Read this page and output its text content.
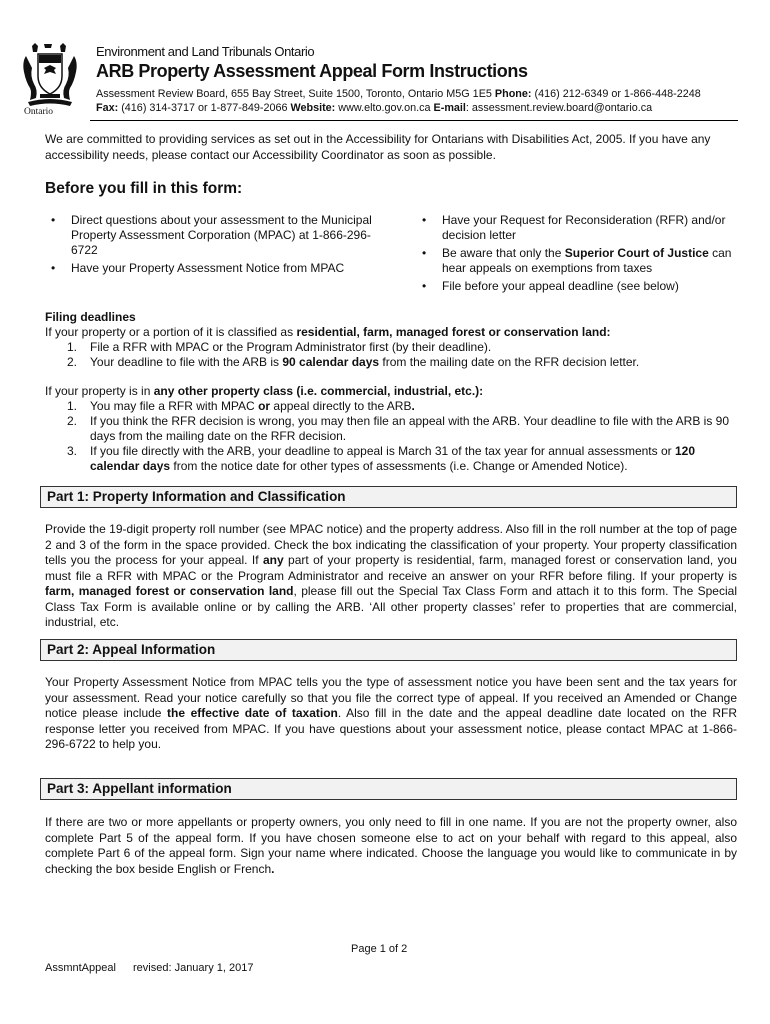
Ontario
Environment and Land Tribunals Ontario
ARB Property Assessment Appeal Form Instructions
Assessment Review Board, 655 Bay Street, Suite 1500, Toronto, Ontario M5G 1E5 Phone: (416) 212-6349 or 1-866-448-2248
Fax: (416) 314-3717 or 1-877-849-2066 Website: www.elto.gov.on.ca E-mail: assessment.review.board@ontario.ca
We are committed to providing services as set out in the Accessibility for Ontarians with Disabilities Act, 2005. If you have any accessibility needs, please contact our Accessibility Coordinator as soon as possible.
Before you fill in this form:
• Direct questions about your assessment to the Municipal Property Assessment Corporation (MPAC) at 1-866-296-6722
• Have your Property Assessment Notice from MPAC
• Have your Request for Reconsideration (RFR) and/or decision letter
• Be aware that only the Superior Court of Justice can hear appeals on exemptions from taxes
• File before your appeal deadline (see below)

Filing deadlines

If your property or a portion of it is classified as residential, farm, managed forest or conservation land:

1. File a RFR with MPAC or the Program Administrator first (by their deadline).
2. Your deadline to file with the ARB is 90 calendar days from the mailing date on the RFR decision letter.

If your property is in any other property class (i.e. commercial, industrial, etc.):

1. You may file a RFR with MPAC or appeal directly to the ARB.
2. If you think the RFR decision is wrong, you may then file an appeal with the ARB. Your deadline to file with the ARB is 90 days from the mailing date on the RFR decision.
3. If you file directly with the ARB, your deadline to appeal is March 31 of the tax year for annual assessments or 120 calendar days from the notice date for other types of assessments (i.e. Change or Amended Notice).
Part 1: Property Information and Classification
Provide the 19-digit property roll number (see MPAC notice) and the property address. Also fill in the roll number at the top of page 2 and 3 of the form in the space provided. Check the box indicating the classification of your property. Your property classification tells you the process for your appeal. If any part of your property is residential, farm, managed forest or conservation land, you must file a RFR with MPAC or the Program Administrator and receive an answer on your RFR before filing. If your property is farm, managed forest or conservation land, please fill out the Special Tax Class Form and attach it to this form. The Special Class Tax Form is available online or by calling the ARB. ‘All other property classes’ refer to properties that are commercial, industrial, etc.
Part 2: Appeal Information
Your Property Assessment Notice from MPAC tells you the type of assessment notice you have been sent and the tax years for your assessment. Read your notice carefully so that you file the correct type of appeal. If you received an Amended or Change notice please include the effective date of taxation. Also fill in the date and the appeal deadline date located on the RFR response letter you received from MPAC. If you have questions about your assessment notice, please contact MPAC at 1-866-296-6722 to help you.
Part 3: Appellant information
If there are two or more appellants or property owners, you only need to fill in one name. If you are not the property owner, also complete Part 5 of the appeal form. If you have chosen someone else to act on your behalf with regard to this appeal, also complete Part 6 of the appeal form. Sign your name where indicated. Choose the language you would like to communicate in by checking the box beside English or French.
Page 1 of 2
AssmntAppeal revised: January 1, 2017
